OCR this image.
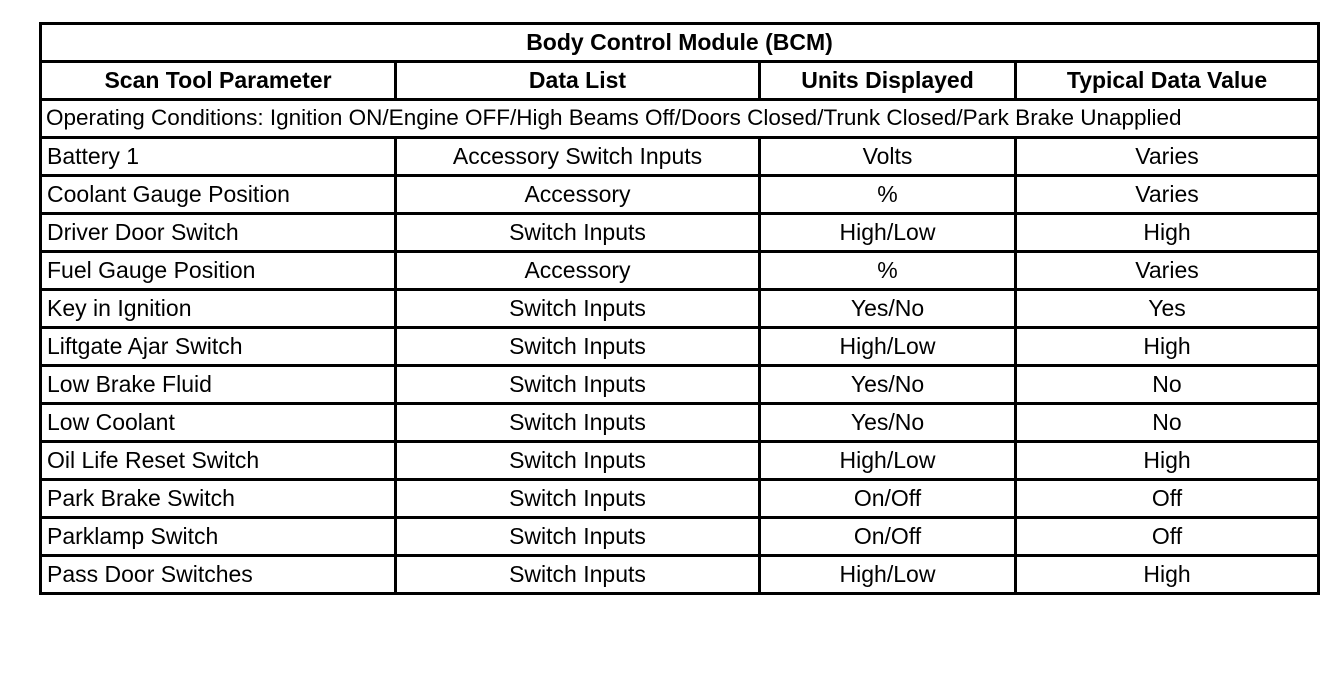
Body Control Module (BCM)			
Scan Tool Parameter	Data List	Units Displayed	Typical Data Value
Operating Conditions: Ignition ON/Engine OFF/High Beams Off/Doors Closed/Trunk Closed/Park Brake Unapplied			
Battery 1	Accessory Switch Inputs	Volts	Varies
Coolant Gauge Position	Accessory	%	Varies
Driver Door Switch	Switch Inputs	High/Low	High
Fuel Gauge Position	Accessory	%	Varies
Key in Ignition	Switch Inputs	Yes/No	Yes
Liftgate Ajar Switch	Switch Inputs	High/Low	High
Low Brake Fluid	Switch Inputs	Yes/No	No
Low Coolant	Switch Inputs	Yes/No	No
Oil Life Reset Switch	Switch Inputs	High/Low	High
Park Brake Switch	Switch Inputs	On/Off	Off
Parklamp Switch	Switch Inputs	On/Off	Off
Pass Door Switches	Switch Inputs	High/Low	High
